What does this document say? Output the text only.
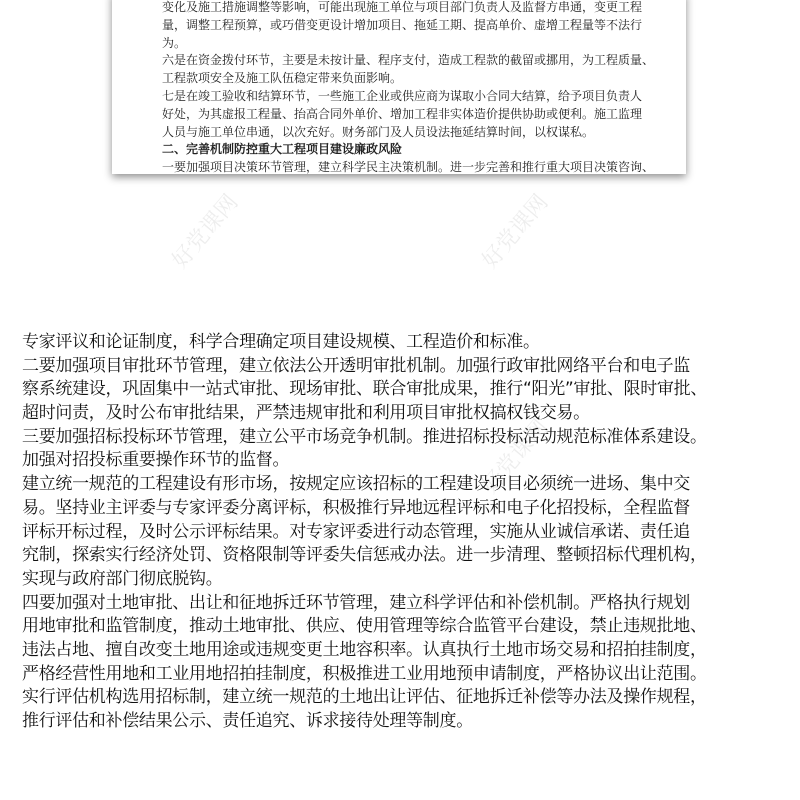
变化及施工措施调整等影响，可能出现施工单位与项目部门负责人及监督方串通，变更工程
量，调整工程预算，或巧借变更设计增加项目、拖延工期、提高单价、虚增工程量等不法行
为。
六是在资金拨付环节，主要是未按计量、程序支付，造成工程款的截留或挪用，为工程质量、
工程款项安全及施工队伍稳定带来负面影响。
七是在竣工验收和结算环节，一些施工企业或供应商为谋取小合同大结算，给予项目负责人
好处，为其虚报工程量、抬高合同外单价、增加工程非实体造价提供协助或便利。施工监理
人员与施工单位串通，以次充好。财务部门及人员设法拖延结算时间，以权谋私。
二、完善机制防控重大工程项目建设廉政风险
一要加强项目决策环节管理，建立科学民主决策机制。进一步完善和推行重大项目决策咨询、
好党课网	好党课网
好党课网
专家评议和论证制度，科学合理确定项目建设规模、工程造价和标准。
二要加强项目审批环节管理，建立依法公开透明审批机制。加强行政审批网络平台和电子监
察系统建设，巩固集中一站式审批、现场审批、联合审批成果，推行“阳光”审批、限时审批、
超时问责，及时公布审批结果，严禁违规审批和利用项目审批权搞权钱交易。
三要加强招标投标环节管理，建立公平市场竞争机制。推进招标投标活动规范标准体系建设。
加强对招投标重要操作环节的监督。
建立统一规范的工程建设有形市场，按规定应该招标的工程建设项目必须统一进场、集中交
易。坚持业主评委与专家评委分离评标，积极推行异地远程评标和电子化招投标，全程监督
评标开标过程，及时公示评标结果。对专家评委进行动态管理，实施从业诚信承诺、责任追
究制，探索实行经济处罚、资格限制等评委失信惩戒办法。进一步清理、整顿招标代理机构，
实现与政府部门彻底脱钩。
四要加强对土地审批、出让和征地拆迁环节管理，建立科学评估和补偿机制。严格执行规划
用地审批和监管制度，推动土地审批、供应、使用管理等综合监管平台建设，禁止违规批地、
违法占地、擅自改变土地用途或违规变更土地容积率。认真执行土地市场交易和招拍挂制度，
严格经营性用地和工业用地招拍挂制度，积极推进工业用地预申请制度，严格协议出让范围。
实行评估机构选用招标制，建立统一规范的土地出让评估、征地拆迁补偿等办法及操作规程，
推行评估和补偿结果公示、责任追究、诉求接待处理等制度。
